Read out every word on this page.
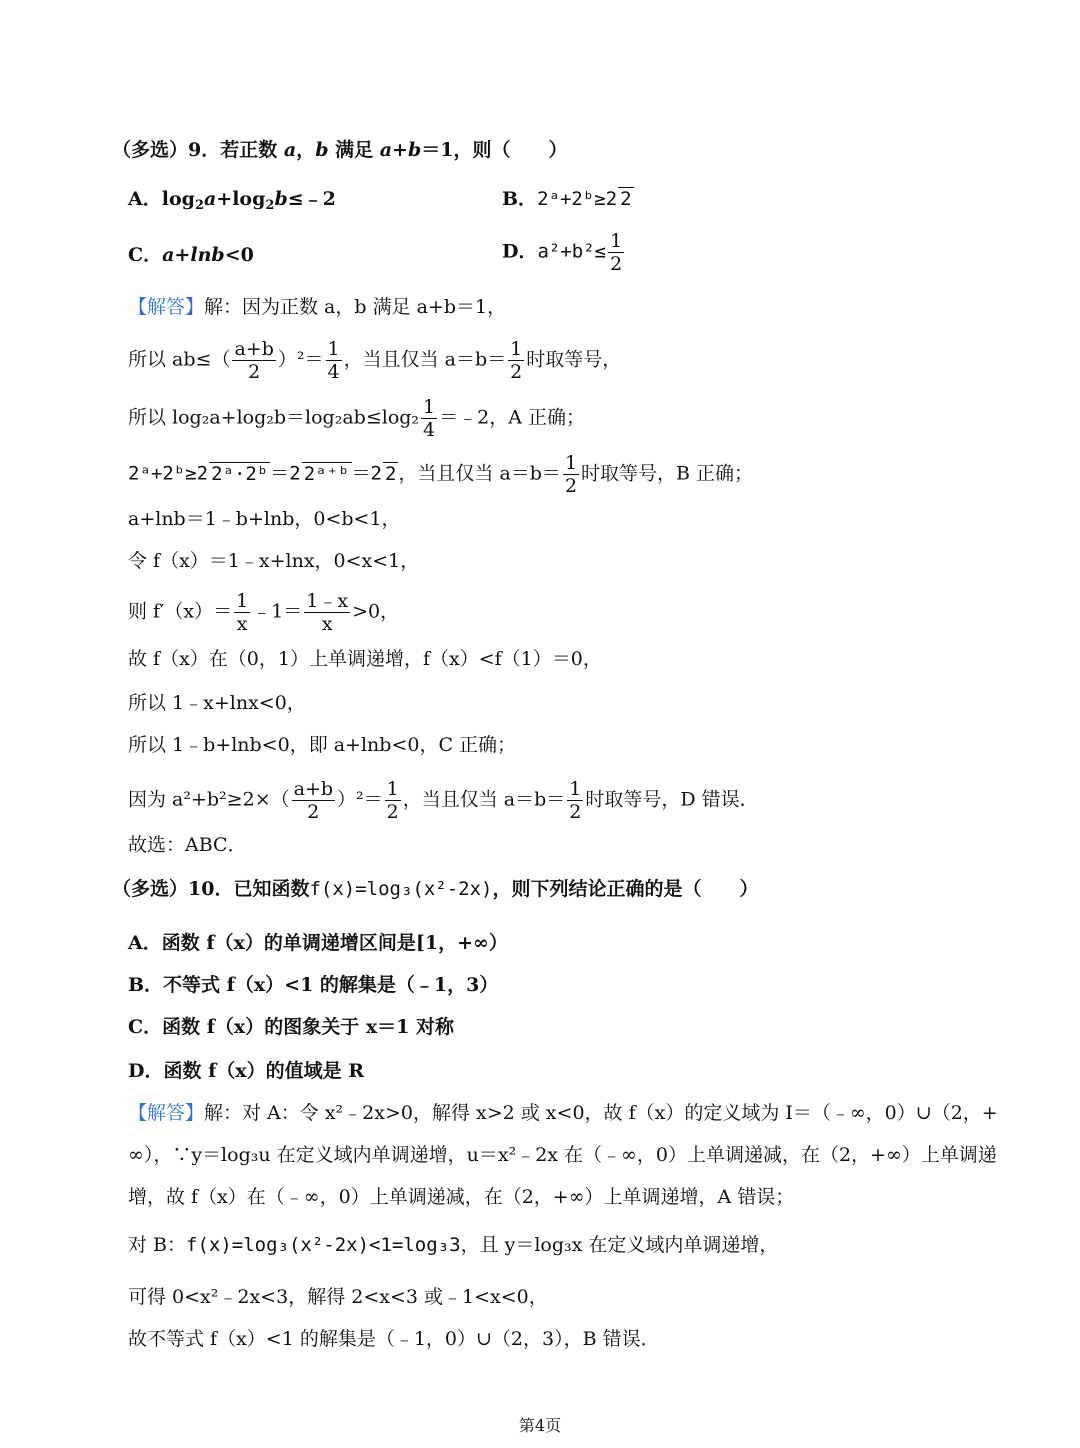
（多选）9．若正数 a，b 满足 a+b＝1，则（　　）
A．$\log_2a+\log_2b\le﹣2$	B．2ᵃ+2ᵇ≥2 2
C．a+lnb<0	D．$a^2+b^2\le \frac{1}{2}$
【解答】解：因为正数 a，b 满足 a+b＝1，
所以 $ab\le( \frac{a+b}{2} )^2= \frac{1}{4}$ ，当且仅当 $a=b= \frac{1}{2}$ 时取等号，
所以 $\log_2a+\log_2b=\log_2ab\le\log_2 \frac{1}{4}$ ＝﹣2，A 正确；
2ᵃ+2ᵇ≥2 2ᵃ·2ᵇ ＝2 2ᵃ⁺ᵇ ＝2 2 ，当且仅当 $a=b= \frac{1}{2}$ 时取等号，B 正确；
a+lnb＝1﹣b+lnb，0<b<1，
令 f（x）＝1﹣x+lnx，0<x<1，
则 $f'(x)= \frac{1}{x}$ ﹣1＝ $\frac{1﹣x}{x} >0$，
故 f（x）在（0，1）上单调递增，f（x）<f（1）＝0，
所以 1﹣x+lnx<0，
所以 1﹣b+lnb<0，即 a+lnb<0，C 正确；
因为 $a^2+b^2\ge 2\times( \frac{a+b}{2} )^2= \frac{1}{2}$ ，当且仅当 $a=b= \frac{1}{2}$ 时取等号，D 错误．
故选：ABC．
（多选）10．已知函数f(x)=log₃(x²-2x)，则下列结论正确的是（　　）
A．函数 f（x）的单调递增区间是[1，+∞）
B．不等式 f（x）<1 的解集是（﹣1，3）
C．函数 f（x）的图象关于 x＝1 对称
D．函数 f（x）的值域是 R
【解答】解：对 A：令 x²﹣2x>0，解得 x>2 或 x<0，故 f（x）的定义域为 I＝（﹣∞，0）∪（2，+
∞），∵y＝log₃u 在定义域内单调递增，u＝x²﹣2x 在（﹣∞，0）上单调递减，在（2，+∞）上单调递
增，故 f（x）在（﹣∞，0）上单调递减，在（2，+∞）上单调递增，A 错误；
对 B：f(x)=log₃(x²-2x)<1=log₃3，且 y＝log₃x 在定义域内单调递增，
可得 0<x²﹣2x<3，解得 2<x<3 或﹣1<x<0，
故不等式 f（x）<1 的解集是（﹣1，0）∪（2，3），B 错误．
第4页
